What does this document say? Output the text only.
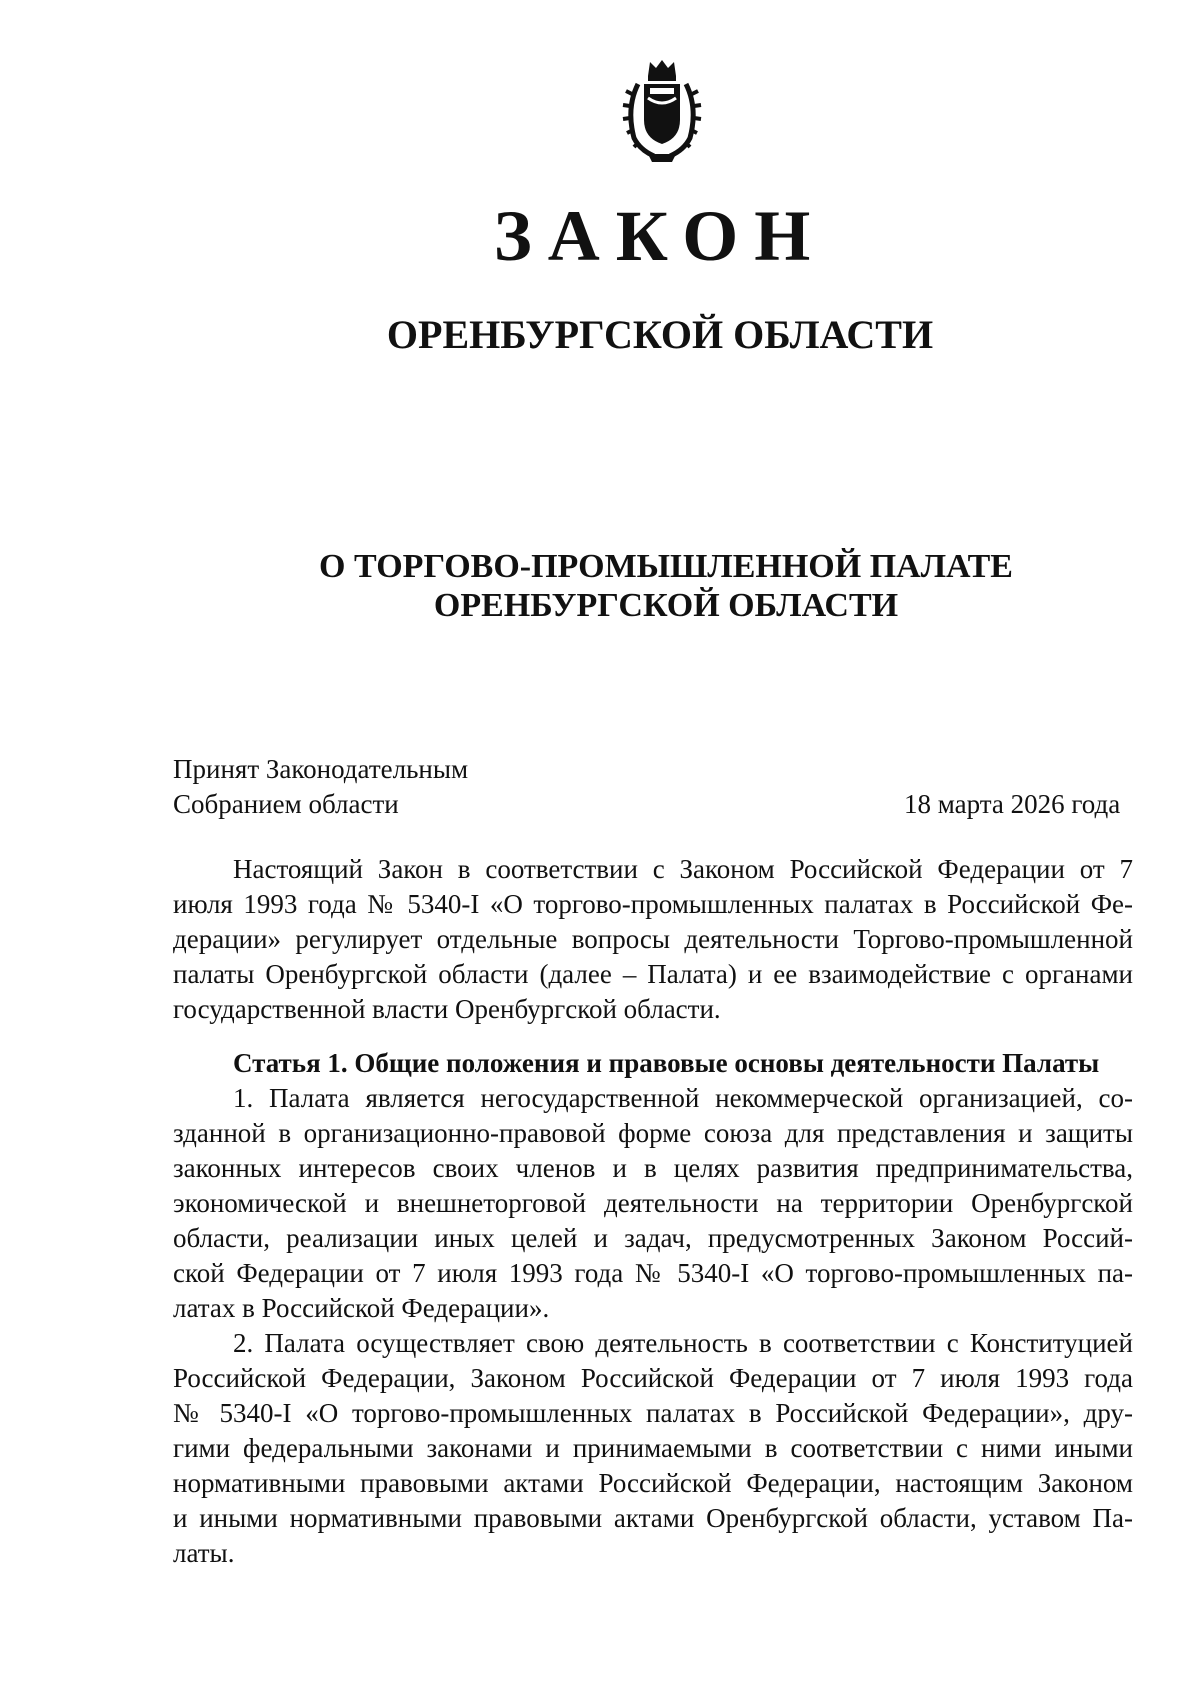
ЗАКОН
ОРЕНБУРГСКОЙ ОБЛАСТИ
О ТОРГОВО-ПРОМЫШЛЕННОЙ ПАЛАТЕ
ОРЕНБУРГСКОЙ ОБЛАСТИ
Принят Законодательным
Собранием области	18 марта 2026 года
Настоящий Закон в соответствии с Законом Российской Федерации от 7
июля 1993 года № 5340-I «О торгово-промышленных палатах в Российской Фе-
дерации» регулирует отдельные вопросы деятельности Торгово-промышленной
палаты Оренбургской области (далее – Палата) и ее взаимодействие с органами
государственной власти Оренбургской области.
Статья 1. Общие положения и правовые основы деятельности Палаты
1. Палата является негосударственной некоммерческой организацией, со-
зданной в организационно-правовой форме союза для представления и защиты
законных интересов своих членов и в целях развития предпринимательства,
экономической и внешнеторговой деятельности на территории Оренбургской
области, реализации иных целей и задач, предусмотренных Законом Россий-
ской Федерации от 7 июля 1993 года № 5340-I «О торгово-промышленных па-
латах в Российской Федерации».
2. Палата осуществляет свою деятельность в соответствии с Конституцией
Российской Федерации, Законом Российской Федерации от 7 июля 1993 года
№ 5340-I «О торгово-промышленных палатах в Российской Федерации», дру-
гими федеральными законами и принимаемыми в соответствии с ними иными
нормативными правовыми актами Российской Федерации, настоящим Законом
и иными нормативными правовыми актами Оренбургской области, уставом Па-
латы.
